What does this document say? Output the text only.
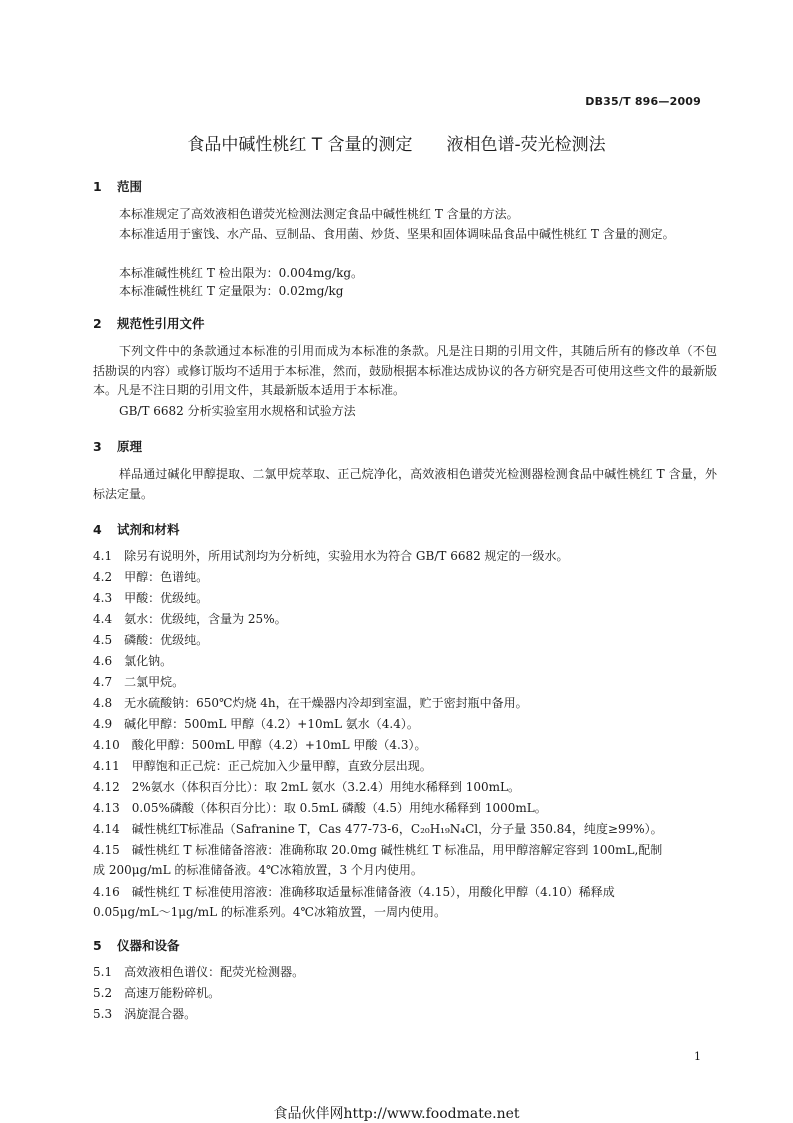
DB35/T 896—2009
食品中碱性桃红 T 含量的测定　　液相色谱-荧光检测法
1 范围
本标准规定了高效液相色谱荧光检测法测定食品中碱性桃红 T 含量的方法。
本标准适用于蜜饯、水产品、豆制品、食用菌、炒货、坚果和固体调味品食品中碱性桃红 T 含量的测定。
本标准碱性桃红 T 检出限为：0.004mg/kg。
本标准碱性桃红 T 定量限为：0.02mg/kg
2 规范性引用文件
下列文件中的条款通过本标准的引用而成为本标准的条款。凡是注日期的引用文件，其随后所有的修改单（不包括勘误的内容）或修订版均不适用于本标准，然而，鼓励根据本标准达成协议的各方研究是否可使用这些文件的最新版本。凡是不注日期的引用文件，其最新版本适用于本标准。
GB/T 6682 分析实验室用水规格和试验方法
3 原理
样品通过碱化甲醇提取、二氯甲烷萃取、正己烷净化，高效液相色谱荧光检测器检测食品中碱性桃红 T 含量，外标法定量。
4 试剂和材料
4.1　 除另有说明外，所用试剂均为分析纯，实验用水为符合 GB/T 6682 规定的一级水。
4.2　 甲醇：色谱纯。
4.3　 甲酸：优级纯。
4.4　 氨水：优级纯，含量为 25%。
4.5　 磷酸：优级纯。
4.6　 氯化钠。
4.7　 二氯甲烷。
4.8　 无水硫酸钠：650℃灼烧 4h，在干燥器内冷却到室温，贮于密封瓶中备用。
4.9　 碱化甲醇：500mL 甲醇（4.2）+10mL 氨水（4.4）。
4.10　 酸化甲醇：500mL 甲醇（4.2）+10mL 甲酸（4.3）。
4.11　 甲醇饱和正己烷：正己烷加入少量甲醇，直致分层出现。
4.12　 2%氨水（体积百分比）：取 2mL 氨水（3.2.4）用纯水稀释到 100mL。
4.13　 0.05%磷酸（体积百分比）：取 0.5mL 磷酸（4.5）用纯水稀释到 1000mL。
4.14　 碱性桃红T标准品（Safranine T，Cas 477-73-6，C₂₀H₁₉N₄Cl，分子量 350.84，纯度≥99%）。
4.15　碱性桃红 T 标准储备溶液：准确称取 20.0mg 碱性桃红 T 标准品，用甲醇溶解定容到 100mL,配制
成 200μg/mL 的标准储备液。4℃冰箱放置，3 个月内使用。
4.16　碱性桃红 T 标准使用溶液：准确移取适量标准储备液（4.15），用酸化甲醇（4.10）稀释成
0.05μg/mL～1μg/mL 的标准系列。4℃冰箱放置，一周内使用。
5 仪器和设备
5.1　 高效液相色谱仪：配荧光检测器。
5.2　 高速万能粉碎机。
5.3　 涡旋混合器。
1
食品伙伴网http://www.foodmate.net
